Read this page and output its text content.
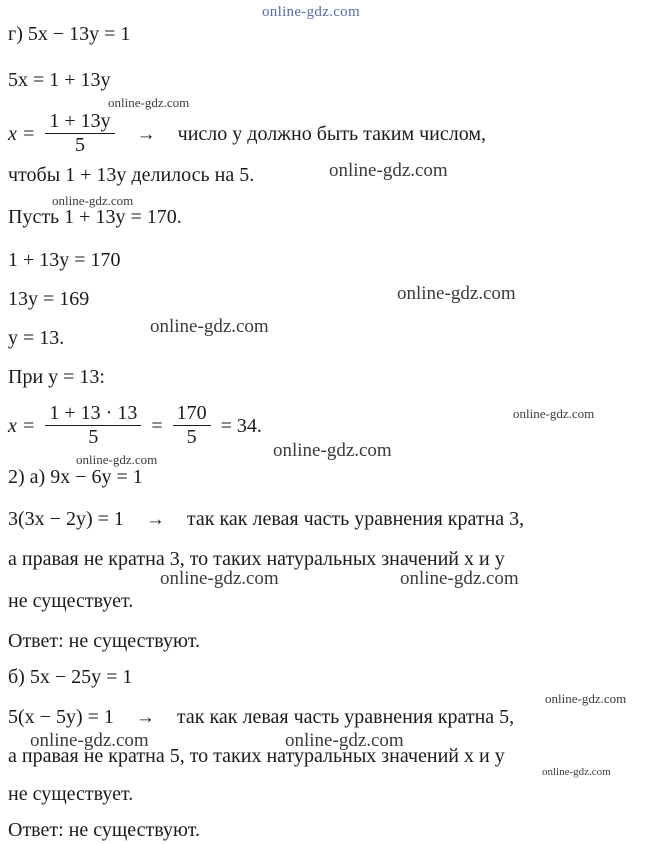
online-gdz.com
online-gdz.com
online-gdz.com
online-gdz.com
online-gdz.com
online-gdz.com
online-gdz.com
online-gdz.com
online-gdz.com
online-gdz.com	online-gdz.com
online-gdz.com
online-gdz.com	online-gdz.com
online-gdz.com
г) 5x − 13y = 1
5x = 1 + 13y
$x = \frac{1 + 13y}{5}$ → число y должно быть таким числом,
чтобы 1 + 13y делилось на 5.
Пусть 1 + 13y = 170.
1 + 13y = 170
13y = 169
y = 13.
При y = 13:
$x = \frac{1 + 13 \cdot 13}{5} = \frac{170}{5} = 34$.
2) а) 9x − 6y = 1
3(3x − 2y) = 1 → так как левая часть уравнения кратна 3,
а правая не кратна 3, то таких натуральных значений x и y
не существует.
Ответ: не существуют.
б) 5x − 25y = 1
5(x − 5y) = 1 → так как левая часть уравнения кратна 5,
а правая не кратна 5, то таких натуральных значений x и y
не существует.
Ответ: не существуют.
